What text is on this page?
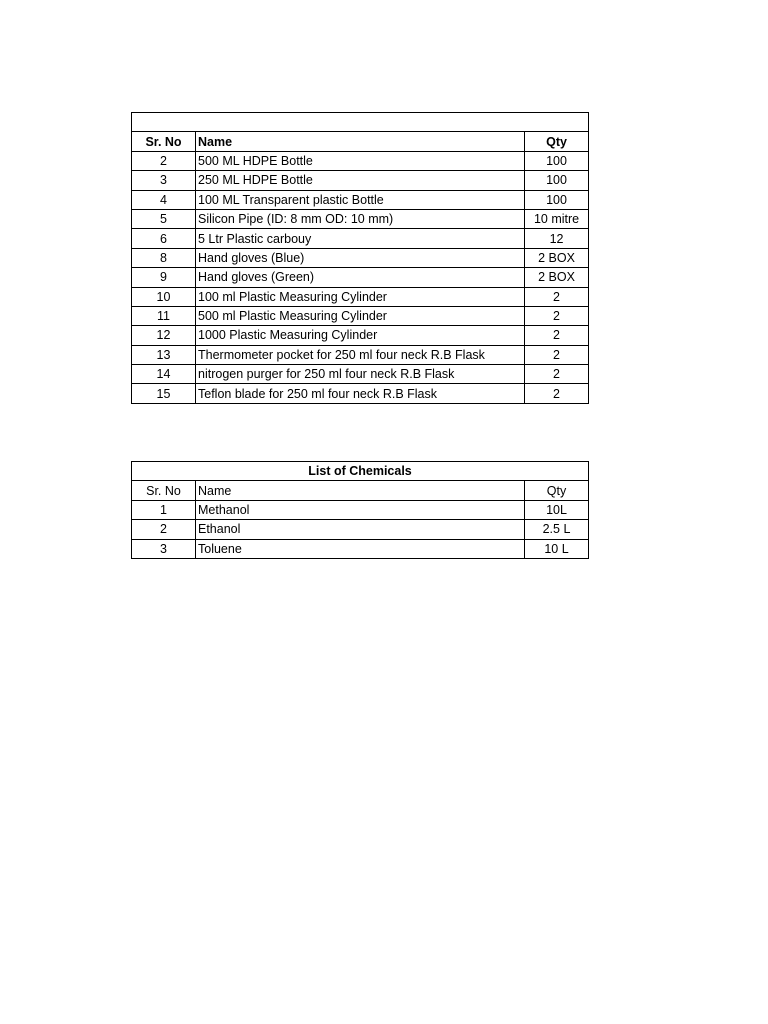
Sr. No	Name	Qty
2	500 ML HDPE Bottle	100
3	250 ML HDPE Bottle	100
4	100 ML Transparent plastic Bottle	100
5	Silicon Pipe (ID: 8 mm OD: 10 mm)	10 mitre
6	5 Ltr Plastic carbouy	12
8	Hand gloves (Blue)	2 BOX
9	Hand gloves (Green)	2 BOX
10	100 ml Plastic Measuring Cylinder	2
11	500 ml Plastic Measuring Cylinder	2
12	1000 Plastic Measuring Cylinder	2
13	Thermometer pocket for 250 ml four neck R.B Flask	2
14	nitrogen purger for 250 ml four neck R.B Flask	2
15	Teflon blade for 250 ml four neck R.B Flask	2
List of Chemicals		
Sr. No	Name	Qty
1	Methanol	10L
2	Ethanol	2.5 L
3	Toluene	10 L
